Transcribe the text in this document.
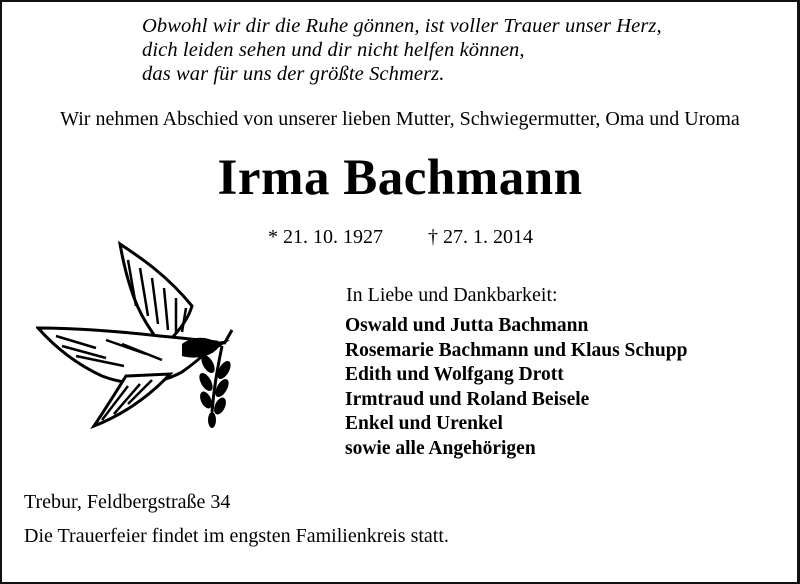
Obwohl wir dir die Ruhe gönnen, ist voller Trauer unser Herz,
dich leiden sehen und dir nicht helfen können,
das war für uns der größte Schmerz.
Wir nehmen Abschied von unserer lieben Mutter, Schwiegermutter, Oma und Uroma
Irma Bachmann
* 21. 10. 1927 † 27. 1. 2014
In Liebe und Dankbarkeit:
Oswald und Jutta Bachmann
Rosemarie Bachmann und Klaus Schupp
Edith und Wolfgang Drott
Irmtraud und Roland Beisele
Enkel und Urenkel
sowie alle Angehörigen
Trebur, Feldbergstraße 34
Die Trauerfeier findet im engsten Familienkreis statt.
